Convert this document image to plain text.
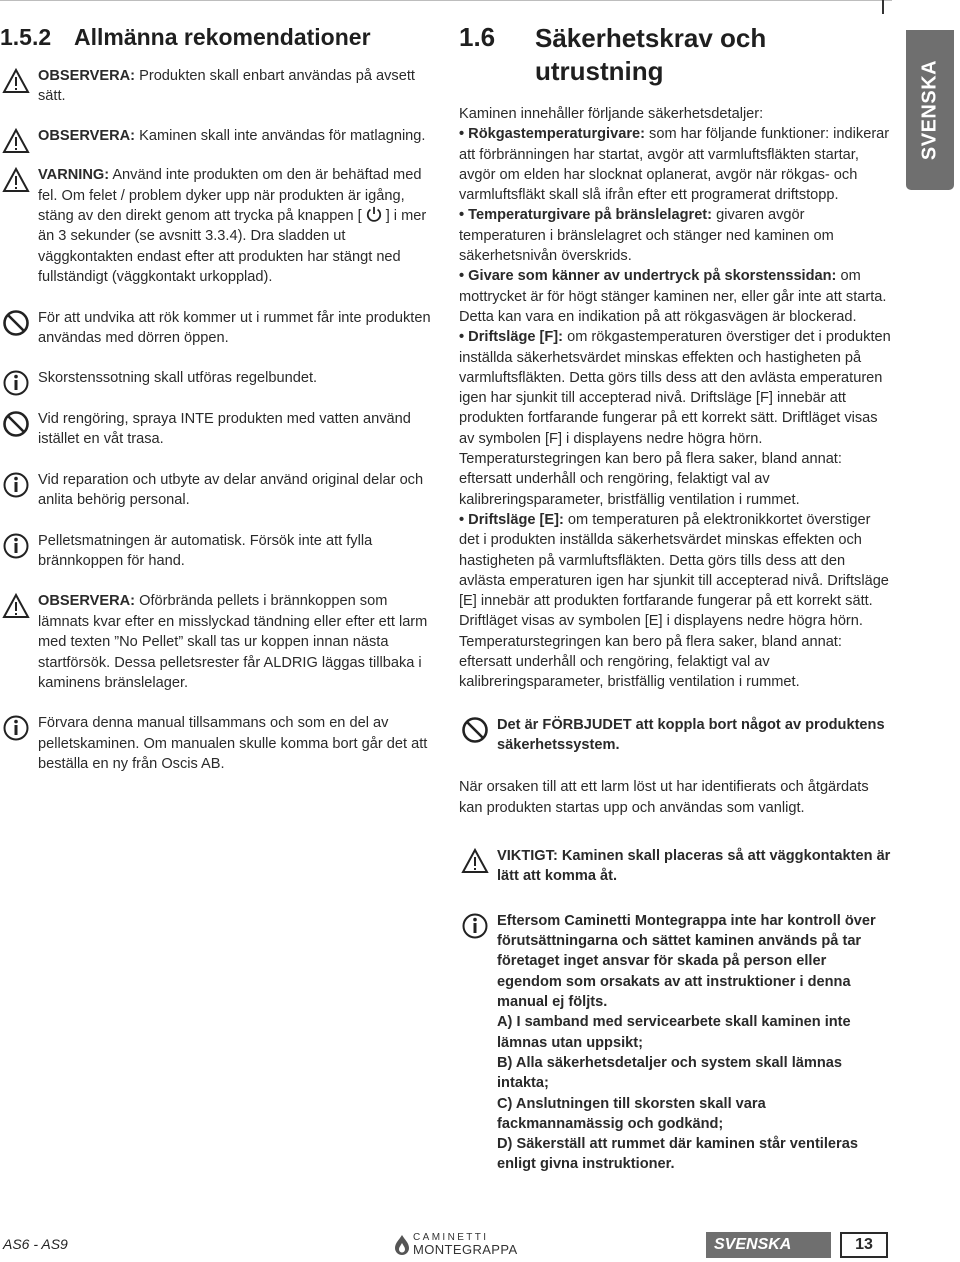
SVENSKA
1.5.2 Allmänna rekomendationer
OBSERVERA: Produkten skall enbart användas på avsett sätt.
OBSERVERA: Kaminen skall inte användas för matlagning.
VARNING: Använd inte produkten om den är behäftad med fel. Om felet / problem dyker upp när produkten är igång, stäng av den direkt genom att trycka på knappen [ ] i mer än 3 sekunder (se avsnitt 3.3.4). Dra sladden ut väggkontakten endast efter att produkten har stängt ned fullständigt (väggkontakt urkopplad).
För att undvika att rök kommer ut i rummet får inte produkten användas med dörren öppen.
Skorstenssotning skall utföras regelbundet.
Vid rengöring, spraya INTE produkten med vatten använd istället en våt trasa.
Vid reparation och utbyte av delar använd original delar och anlita behörig personal.
Pelletsmatningen är automatisk. Försök inte att fylla brännkoppen för hand.
OBSERVERA: Oförbrända pellets i brännkoppen som lämnats kvar efter en misslyckad tändning eller efter ett larm med texten ”No Pellet” skall tas ur koppen innan nästa startförsök. Dessa pelletsrester får ALDRIG läggas tillbaka i kaminens bränslelager.
Förvara denna manual tillsammans och som en del av pelletskaminen. Om manualen skulle komma bort går det att beställa en ny från Oscis AB.
1.6	Säkerhetskrav och utrustning

Kaminen innehåller förljande säkerhetsdetaljer:

• Rökgastemperaturgivare: som har följande funktioner: indikerar att förbränningen har startat, avgör att varmluftsfläkten startar, avgör om elden har slocknat oplanerat, avgör när rökgas- och varmluftsfläkt skall slå ifrån efter ett programerat driftstopp.

• Temperaturgivare på bränslelagret: givaren avgör temperaturen i bränslelagret och stänger ned kaminen om säkerhetsnivån överskrids.

• Givare som känner av undertryck på skorstenssidan: om mottrycket är för högt stänger kaminen ner, eller går inte att starta. Detta kan vara en indikation på att rökgasvägen är blockerad.

• Driftsläge [F]: om rökgastemperaturen överstiger det i produkten inställda säkerhetsvärdet minskas effekten och hastigheten på varmluftsfläkten. Detta görs tills dess att den avlästa emperaturen igen har sjunkit till accepterad nivå. Driftsläge [F] innebär att produkten fortfarande fungerar på ett korrekt sätt. Driftläget visas av symbolen [F] i displayens nedre högra hörn. Temperaturstegringen kan bero på flera saker, bland annat: eftersatt underhåll och rengöring, felaktigt val av kalibreringsparameter, bristfällig ventilation i rummet.

• Driftsläge [E]: om temperaturen på elektronikkortet överstiger det i produkten inställda säkerhetsvärdet minskas effekten och hastigheten på varmluftsfläkten. Detta görs tills dess att den avlästa emperaturen igen har sjunkit till accepterad nivå. Driftsläge [E] innebär att produkten fortfarande fungerar på ett korrekt sätt. Driftläget visas av symbolen [E] i displayens nedre högra hörn. Temperaturstegringen kan bero på flera saker, bland annat: eftersatt underhåll och rengöring, felaktigt val av kalibreringsparameter, bristfällig ventilation i rummet.

Det är FÖRBJUDET att koppla bort något av produktens säkerhetssystem.

När orsaken till att ett larm löst ut har identifierats och åtgärdats kan produkten startas upp och användas som vanligt.

VIKTIGT: Kaminen skall placeras så att väggkontakten är lätt att komma åt.

Eftersom Caminetti Montegrappa inte har kontroll över förutsättningarna och sättet kaminen används på tar företaget inget ansvar för skada på person eller egendom som orsakats av att instruktioner i denna manual ej följts.

A) I samband med servicearbete skall kaminen inte lämnas utan uppsikt;

B) Alla säkerhetsdetaljer och system skall lämnas intakta;

C) Anslutningen till skorsten skall vara fackmannamässig och godkänd;

D) Säkerställ att rummet där kaminen står ventileras enligt givna instruktioner.

AS6 - AS9	CAMINETTI
MONTEGRAPPA	SVENSKA	13
